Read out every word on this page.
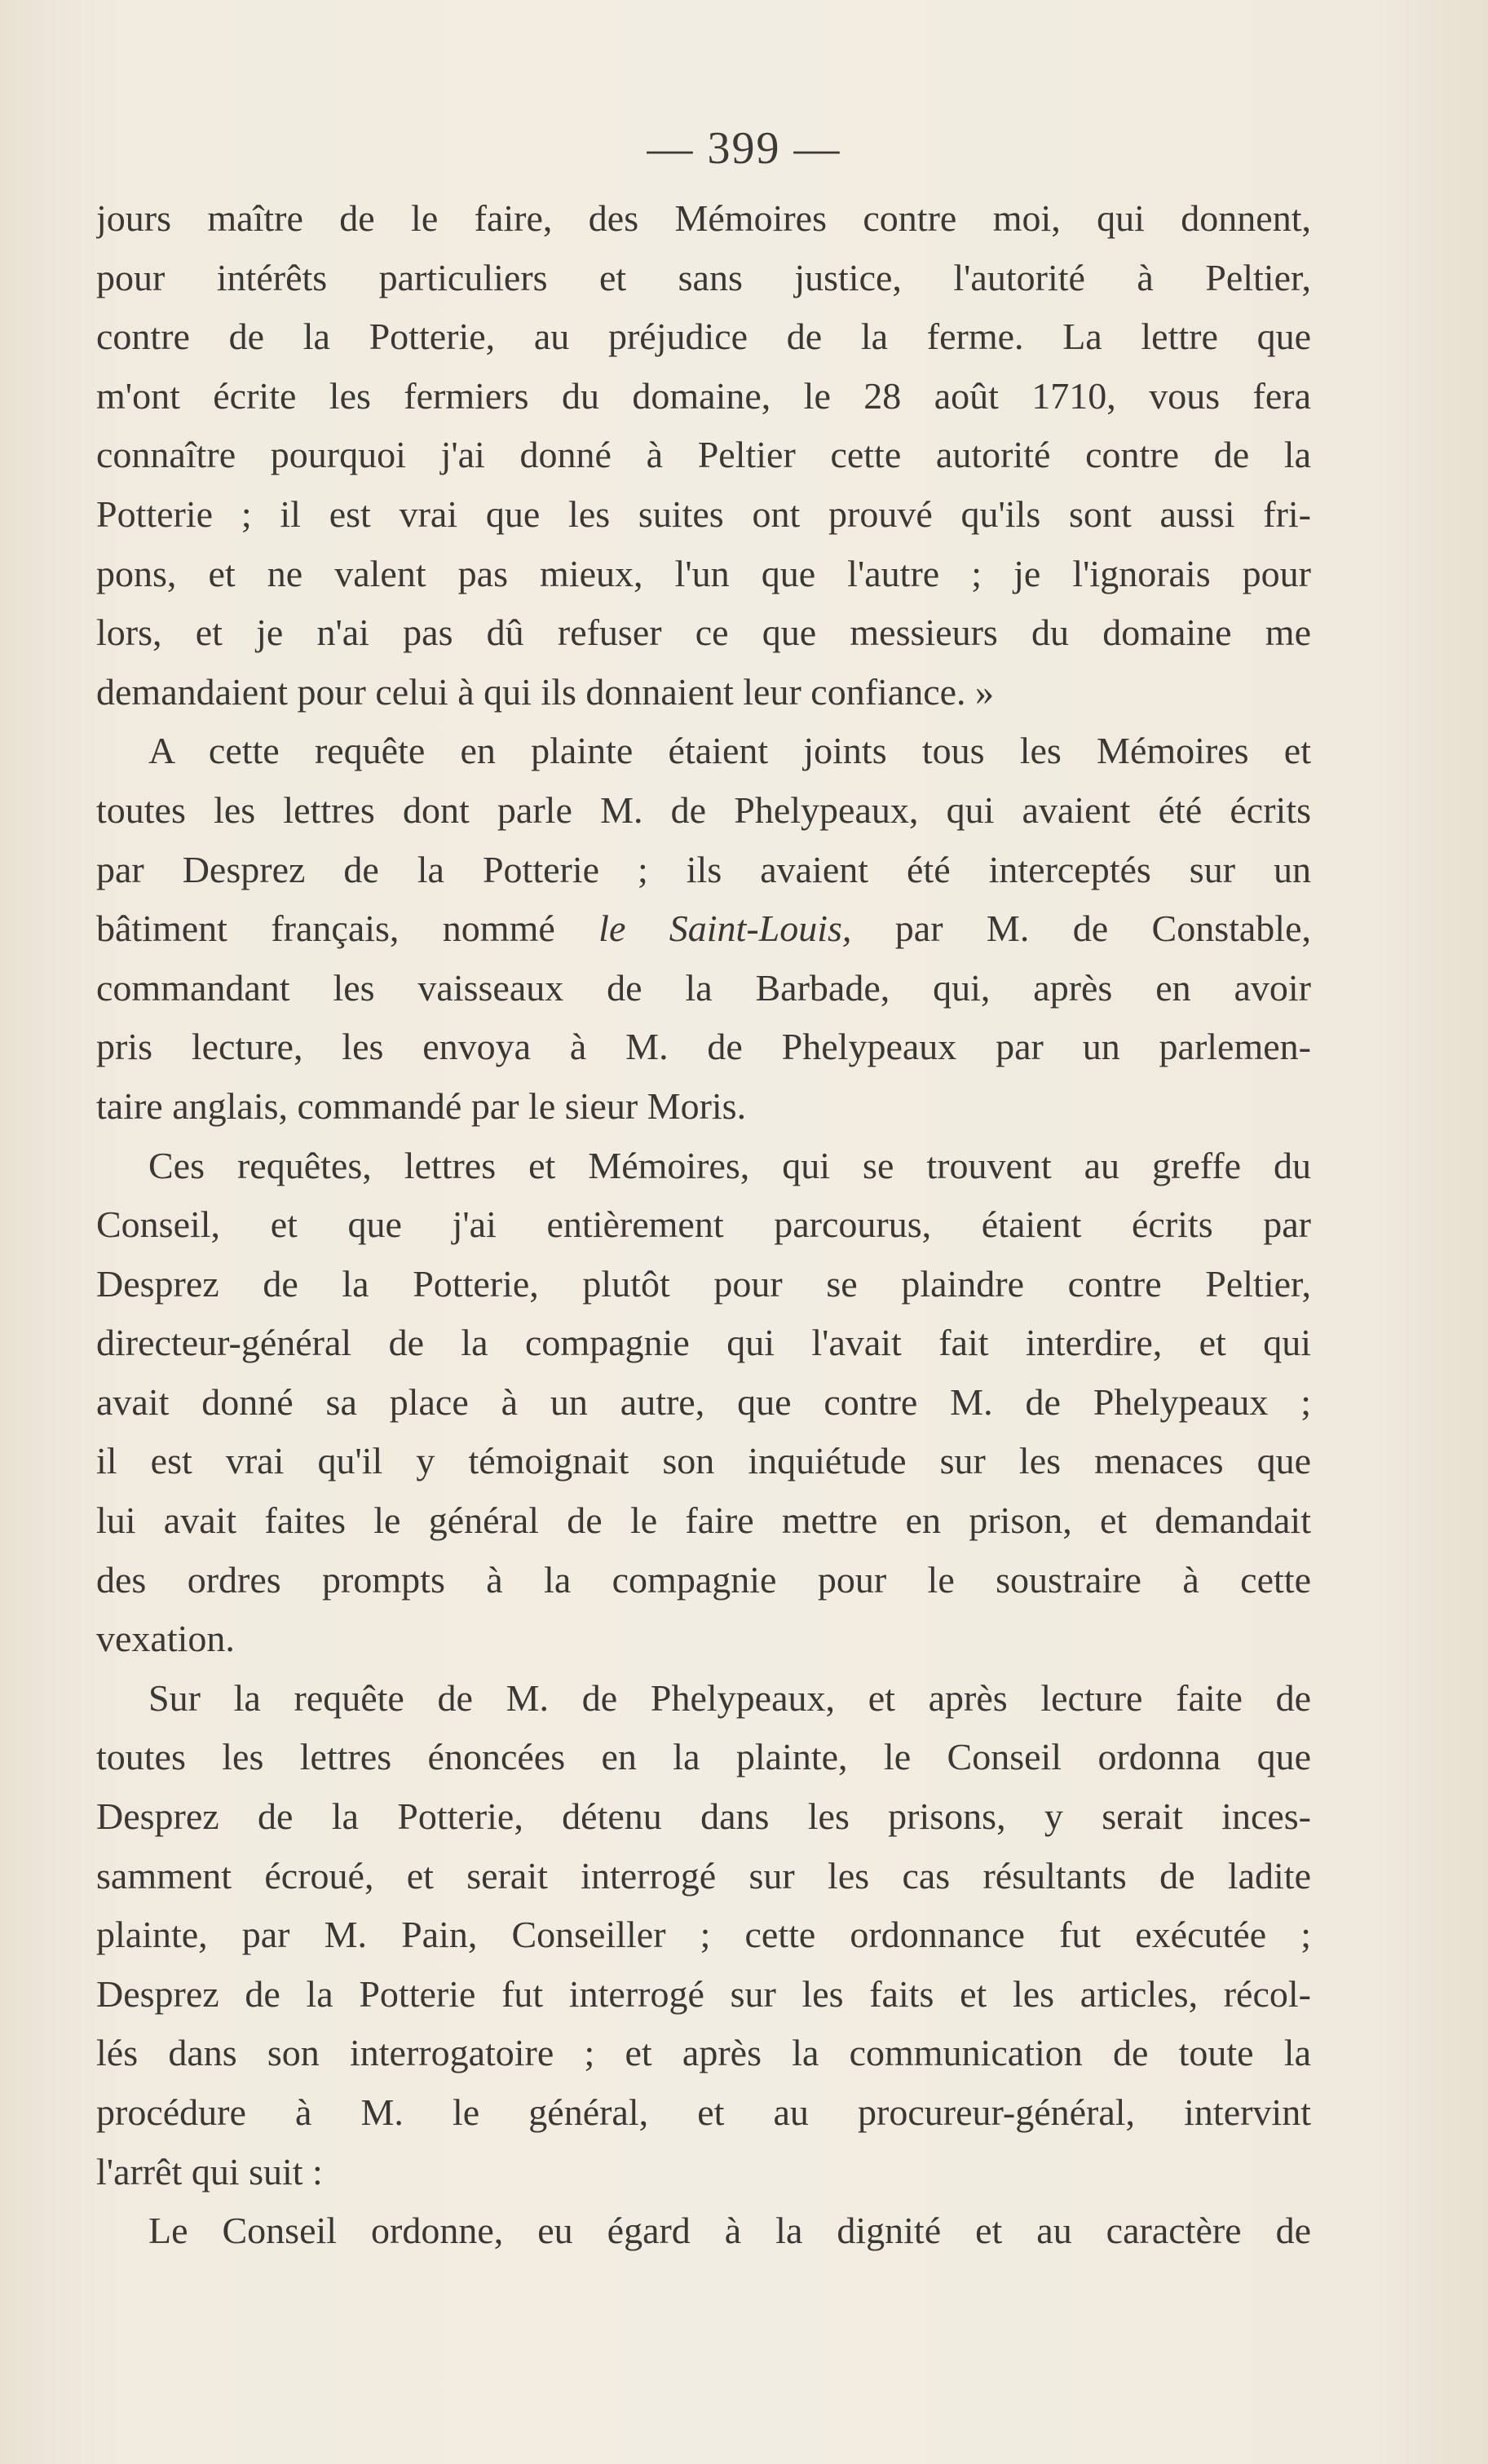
— 399 —
jours maître de le faire, des Mémoires contre moi, qui donnent,
pour intérêts particuliers et sans justice, l'autorité à Peltier,
contre de la Potterie, au préjudice de la ferme. La lettre que
m'ont écrite les fermiers du domaine, le 28 août 1710, vous fera
connaître pourquoi j'ai donné à Peltier cette autorité contre de la
Potterie ; il est vrai que les suites ont prouvé qu'ils sont aussi fri-
pons, et ne valent pas mieux, l'un que l'autre ; je l'ignorais pour
lors, et je n'ai pas dû refuser ce que messieurs du domaine me
demandaient pour celui à qui ils donnaient leur confiance. »
A cette requête en plainte étaient joints tous les Mémoires et
toutes les lettres dont parle M. de Phelypeaux, qui avaient été écrits
par Desprez de la Potterie ; ils avaient été interceptés sur un
bâtiment français, nommé le Saint-Louis, par M. de Constable,
commandant les vaisseaux de la Barbade, qui, après en avoir
pris lecture, les envoya à M. de Phelypeaux par un parlemen-
taire anglais, commandé par le sieur Moris.
Ces requêtes, lettres et Mémoires, qui se trouvent au greffe du
Conseil, et que j'ai entièrement parcourus, étaient écrits par
Desprez de la Potterie, plutôt pour se plaindre contre Peltier,
directeur-général de la compagnie qui l'avait fait interdire, et qui
avait donné sa place à un autre, que contre M. de Phelypeaux ;
il est vrai qu'il y témoignait son inquiétude sur les menaces que
lui avait faites le général de le faire mettre en prison, et demandait
des ordres prompts à la compagnie pour le soustraire à cette
vexation.
Sur la requête de M. de Phelypeaux, et après lecture faite de
toutes les lettres énoncées en la plainte, le Conseil ordonna que
Desprez de la Potterie, détenu dans les prisons, y serait inces-
samment écroué, et serait interrogé sur les cas résultants de ladite
plainte, par M. Pain, Conseiller ; cette ordonnance fut exécutée ;
Desprez de la Potterie fut interrogé sur les faits et les articles, récol-
lés dans son interrogatoire ; et après la communication de toute la
procédure à M. le général, et au procureur-général, intervint
l'arrêt qui suit :
Le Conseil ordonne, eu égard à la dignité et au caractère de
